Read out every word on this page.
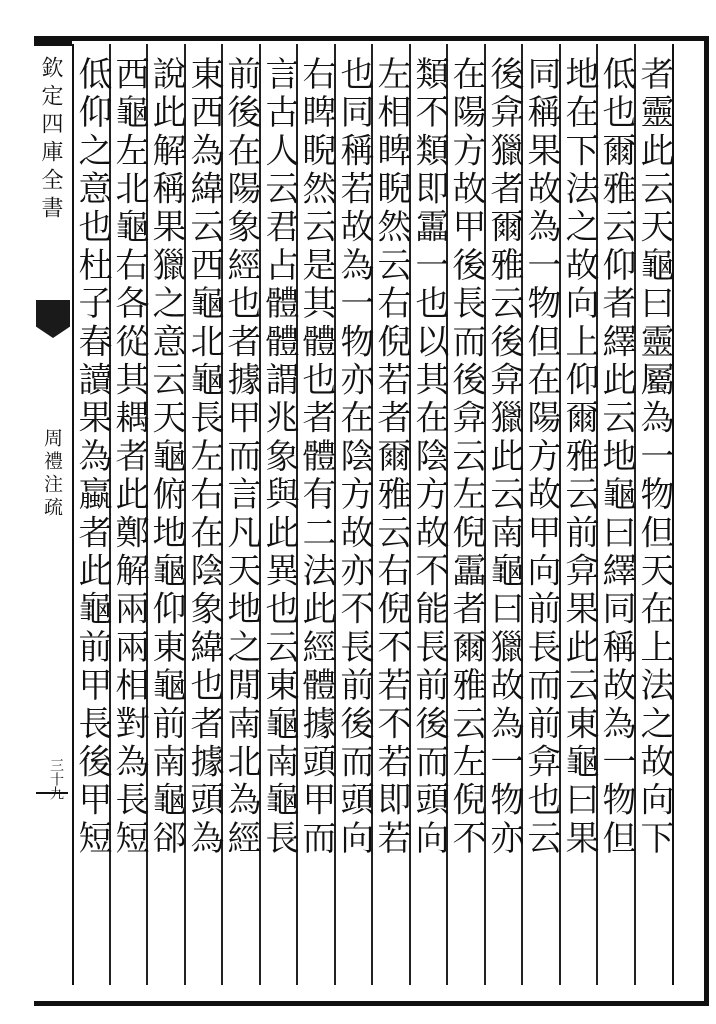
欽定四庫全書
周禮注疏
三十九	者靈此云天龜曰靈屬為一物但天在上法之故向下
低也爾雅云仰者繹此云地龜曰繹同稱故為一物但
地在下法之故向上仰爾雅云前弇果此云東龜曰果
同稱果故為一物但在陽方故甲向前長而前弇也云
後弇獵者爾雅云後弇獵此云南龜曰獵故為一物亦
在陽方故甲後長而後弇云左倪靁者爾雅云左倪不
類不類即靁一也以其在陰方故不能長前後而頭向
左相睥睨然云右倪若者爾雅云右倪不若不若即若
也同稱若故為一物亦在陰方故亦不長前後而頭向
右睥睨然云是其體也者體有二法此經體據頭甲而
言古人云君占體體謂兆象與此異也云東龜南龜長
前後在陽象經也者據甲而言凡天地之閒南北為經
東西為緯云西龜北龜長左右在陰象緯也者據頭為
說此解稱果獵之意云天龜俯地龜仰東龜前南龜郤
西龜左北龜右各從其耦者此鄭解兩兩相對為長短
低仰之意也杜子春讀果為蠃者此龜前甲長後甲短
